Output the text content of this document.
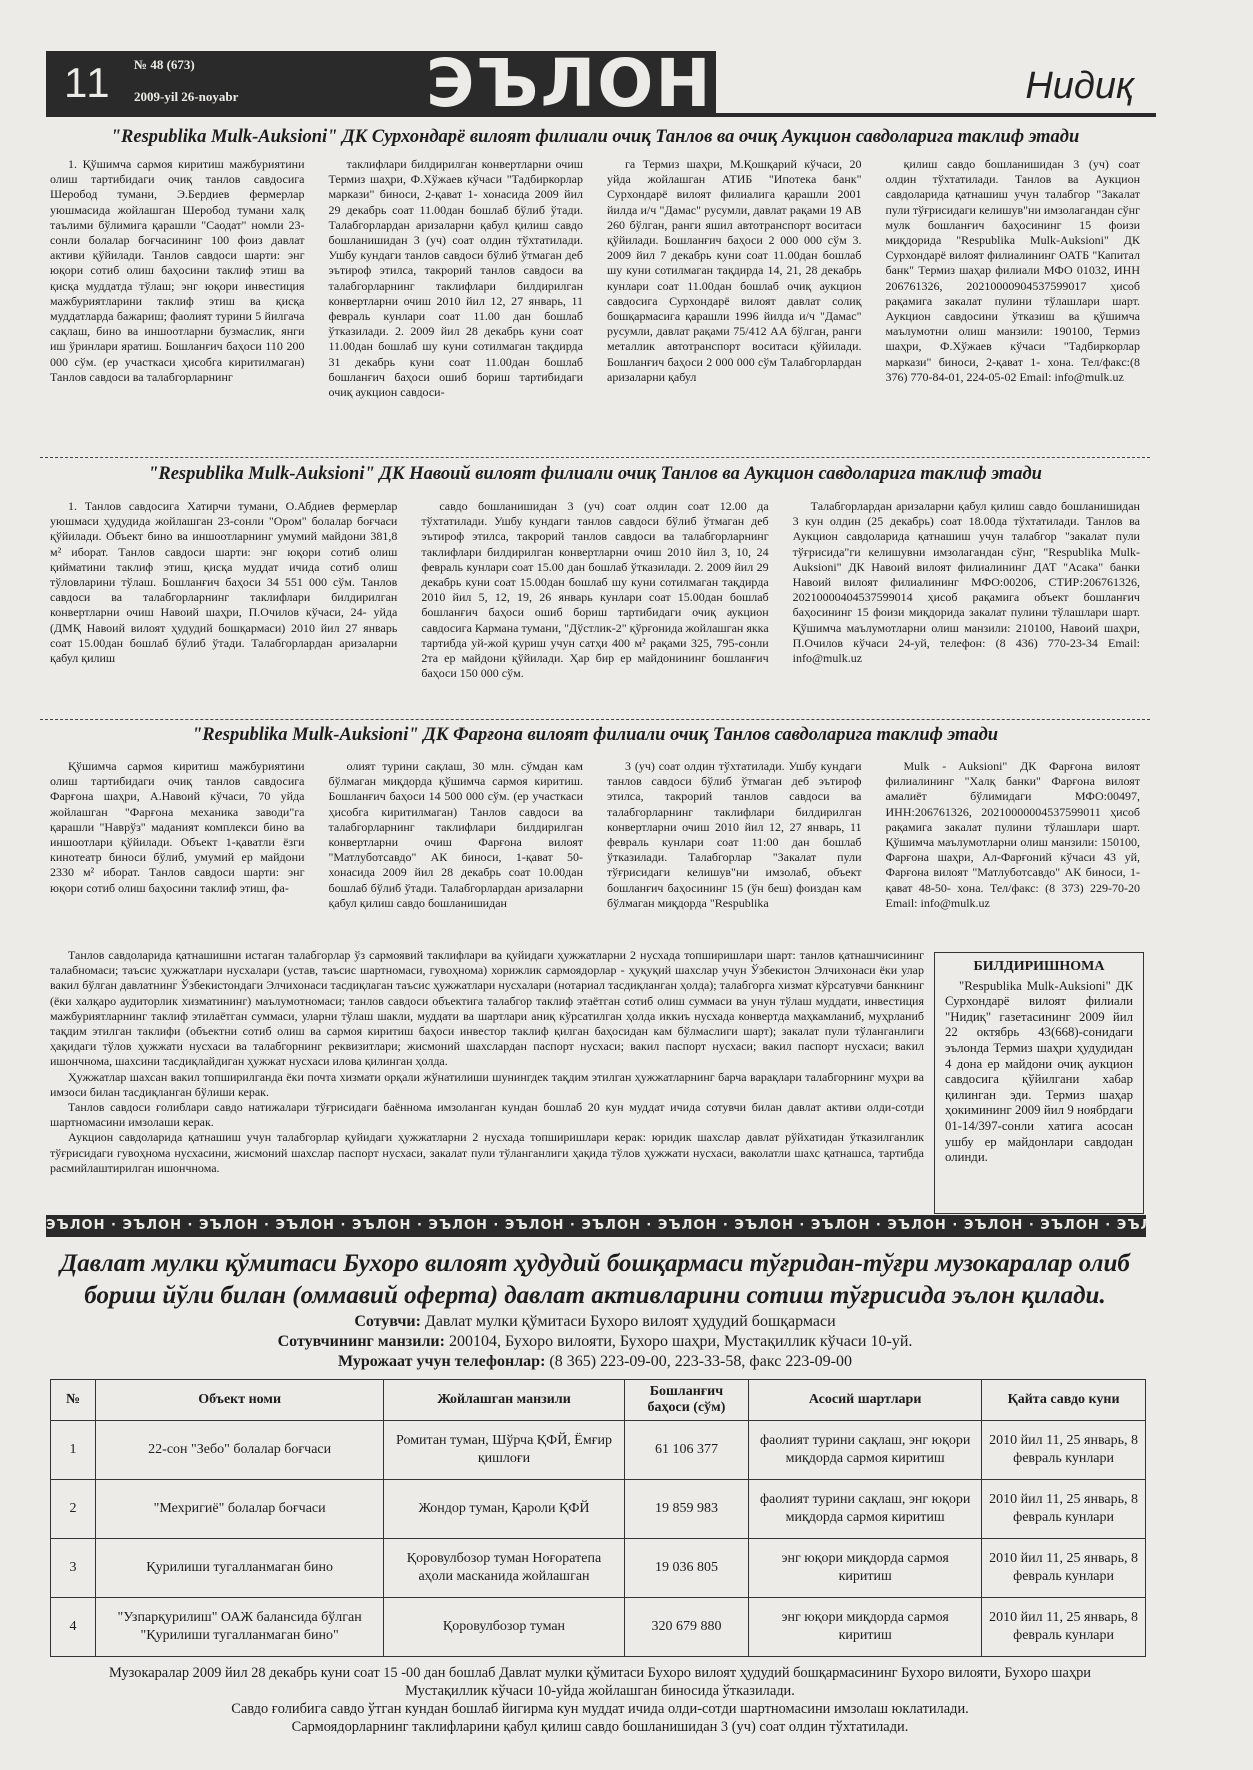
11 № 48 (673)
2009-yil 26-noyabr	ЭЪЛОН	Нидиқ
"Respublika Mulk-Auksioni" ДК Сурхондарё вилоят филиали очиқ Танлов ва очиқ Аукцион савдоларига таклиф этади

1. Қўшимча сармоя киритиш мажбуриятини олиш тартибидаги очиқ танлов савдосига Шеробод тумани, Э.Бердиев фермерлар уюшмасида жойлашган Шеробод тумани халқ таълими бўлимига қарашли "Саодат" номли 23-сонли болалар боғчасининг 100 фоиз давлат активи қўйилади. Танлов савдоси шарти: энг юқори сотиб олиш баҳосини таклиф этиш ва қисқа муддатда тўлаш; энг юқори инвестиция мажбуриятларини таклиф этиш ва қисқа муддатларда бажариш; фаолият турини 5 йилгача сақлаш, бино ва иншоотларни бузмаслик, янги иш ўринлари яратиш. Бошланғич баҳоси 110 200 000 сўм. (ер участкаси ҳисобга киритилмаган) Танлов савдоси ва талабгорларнинг

таклифлари билдирилган конвертларни очиш Термиз шаҳри, Ф.Хўжаев кўчаси "Тадбиркорлар маркази" биноси, 2-қават 1- хонасида 2009 йил 29 декабрь соат 11.00дан бошлаб бўлиб ўтади. Талабгорлардан аризаларни қабул қилиш савдо бошланишидан 3 (уч) соат олдин тўхтатилади. Ушбу кундаги танлов савдоси бўлиб ўтмаган деб эътироф этилса, такрорий танлов савдоси ва талабгорларнинг таклифлари билдирилган конвертларни очиш 2010 йил 12, 27 январь, 11 февраль кунлари соат 11.00 дан бошлаб ўтказилади. 2. 2009 йил 28 декабрь куни соат 11.00дан бошлаб шу куни сотилмаган тақдирда 31 декабрь куни соат 11.00дан бошлаб бошланғич баҳоси ошиб бориш тартибидаги очиқ аукцион савдоси-

га Термиз шаҳри, М.Қошқарий кўчаси, 20 уйда жойлашган АТИБ "Ипотека банк" Сурхондарё вилоят филиалига қарашли 2001 йилда и/ч "Дамас" русумли, давлат рақами 19 АВ 260 бўлган, ранги яшил автотранспорт воситаси қўйилади. Бошланғич баҳоси 2 000 000 сўм 3. 2009 йил 7 декабрь куни соат 11.00дан бошлаб шу куни сотилмаган тақдирда 14, 21, 28 декабрь кунлари соат 11.00дан бошлаб очиқ аукцион савдосига Сурхондарё вилоят давлат солиқ бошқармасига қарашли 1996 йилда и/ч "Дамас" русумли, давлат рақами 75/412 АА бўлган, ранги металлик автотранспорт воситаси қўйилади. Бошланғич баҳоси 2 000 000 сўм Талабгорлардан аризаларни қабул

қилиш савдо бошланишидан 3 (уч) соат олдин тўхтатилади. Танлов ва Аукцион савдоларида қатнашиш учун талабгор "Закалат пули тўғрисидаги келишув"ни имзолагандан сўнг мулк бошланғич баҳосининг 15 фоизи миқдорида "Respublika Mulk-Auksioni" ДК Сурхондарё вилоят филиалининг ОАТБ "Капитал банк" Термиз шаҳар филиали МФО 01032, ИНН 206761326, 20210000904537599017 ҳисоб рақамига закалат пулини тўлашлари шарт. Аукцион савдосини ўтказиш ва қўшимча маълумотни олиш манзили: 190100, Термиз шаҳри, Ф.Хўжаев кўчаси "Тадбиркорлар маркази" биноси, 2-қават 1- хона. Тел/факс:(8 376) 770-84-01, 224-05-02 Email: info@mulk.uz

"Respublika Mulk-Auksioni" ДК Навоий вилоят филиали очиқ Танлов ва Аукцион савдоларига таклиф этади

1. Танлов савдосига Хатирчи тумани, О.Абдиев фермерлар уюшмаси ҳудудида жойлашган 23-сонли "Ором" болалар боғчаси қўйилади. Объект бино ва иншоотларнинг умумий майдони 381,8 м² иборат. Танлов савдоси шарти: энг юқори сотиб олиш қийматини таклиф этиш, қисқа муддат ичида сотиб олиш тўловларини тўлаш. Бошланғич баҳоси 34 551 000 сўм. Танлов савдоси ва талабгорларнинг таклифлари билдирилган конвертларни очиш Навоий шаҳри, П.Очилов кўчаси, 24- уйда (ДМҚ Навоий вилоят ҳудудий бошқармаси) 2010 йил 27 январь соат 15.00дан бошлаб бўлиб ўтади. Талабгорлардан аризаларни қабул қилиш

савдо бошланишидан 3 (уч) соат олдин соат 12.00 да тўхтатилади. Ушбу кундаги танлов савдоси бўлиб ўтмаган деб эътироф этилса, такрорий танлов савдоси ва талабгорларнинг таклифлари билдирилган конвертларни очиш 2010 йил 3, 10, 24 февраль кунлари соат 15.00 дан бошлаб ўтказилади. 2. 2009 йил 29 декабрь куни соат 15.00дан бошлаб шу куни сотилмаган тақдирда 2010 йил 5, 12, 19, 26 январь кунлари соат 15.00дан бошлаб бошланғич баҳоси ошиб бориш тартибидаги очиқ аукцион савдосига Кармана тумани, "Дўстлик-2" қўрғонида жойлашган якка тартибда уй-жой қуриш учун сатҳи 400 м² рақами 325, 795-сонли 2та ер майдони қўйилади. Ҳар бир ер майдонининг бошланғич баҳоси 150 000 сўм.

Талабгорлардан аризаларни қабул қилиш савдо бошланишидан 3 кун олдин (25 декабрь) соат 18.00да тўхтатилади. Танлов ва Аукцион савдоларида қатнашиш учун талабгор "закалат пули тўғрисида"ги келишувни имзолагандан сўнг, "Respublika Mulk-Auksioni" ДК Навоий вилоят филиалининг ДАТ "Асака" банки Навоий вилоят филиалининг МФО:00206, СТИР:206761326, 20210000404537599014 ҳисоб рақамига объект бошланғич баҳосининг 15 фоизи миқдорида закалат пулини тўлашлари шарт. Қўшимча маълумотларни олиш манзили: 210100, Навоий шаҳри, П.Очилов кўчаси 24-уй, телефон: (8 436) 770-23-34 Email: info@mulk.uz

"Respublika Mulk-Auksioni" ДК Фарғона вилоят филиали очиқ Танлов савдоларига таклиф этади

Қўшимча сармоя киритиш мажбуриятини олиш тартибидаги очиқ танлов савдосига Фарғона шаҳри, А.Навоий кўчаси, 70 уйда жойлашган "Фарғона механика заводи"га қарашли "Наврўз" маданият комплекси бино ва иншоотлари қўйилади. Объект 1-қаватли ёзги кинотеатр биноси бўлиб, умумий ер майдони 2330 м² иборат. Танлов савдоси шарти: энг юқори сотиб олиш баҳосини таклиф этиш, фа-

олият турини сақлаш, 30 млн. сўмдан кам бўлмаган миқдорда қўшимча сармоя киритиш. Бошланғич баҳоси 14 500 000 сўм. (ер участкаси ҳисобга киритилмаган) Танлов савдоси ва талабгорларнинг таклифлари билдирилган конвертларни очиш Фарғона вилоят "Матлуботсавдо" АК биноси, 1-қават 50-хонасида 2009 йил 28 декабрь соат 10.00дан бошлаб бўлиб ўтади. Талабгорлардан аризаларни қабул қилиш савдо бошланишидан

3 (уч) соат олдин тўхтатилади. Ушбу кундаги танлов савдоси бўлиб ўтмаган деб эътироф этилса, такрорий танлов савдоси ва талабгорларнинг таклифлари билдирилган конвертларни очиш 2010 йил 12, 27 январь, 11 февраль кунлари соат 11:00 дан бошлаб ўтказилади. Талабгорлар "Закалат пули тўғрисидаги келишув"ни имзолаб, объект бошланғич баҳосининг 15 (ўн беш) фоиздан кам бўлмаган миқдорда "Respublika

Mulk - Auksioni" ДК Фарғона вилоят филиалининг "Халқ банки" Фарғона вилоят амалиёт бўлимидаги МФО:00497, ИНН:206761326, 20210000004537599011 ҳисоб рақамига закалат пулини тўлашлари шарт. Қўшимча маълумотларни олиш манзили: 150100, Фарғона шаҳри, Ал-Фарғоний кўчаси 43 уй, Фарғона вилоят "Матлуботсавдо" АК биноси, 1-қават 48-50- хона. Тел/факс: (8 373) 229-70-20 Email: info@mulk.uz

Танлов савдоларида қатнашишни истаган талабгорлар ўз сармоявий таклифлари ва қуйидаги ҳужжатларни 2 нусхада топширишлари шарт: танлов қатнашчисининг талабномаси; таъсис ҳужжатлари нусхалари (устав, таъсис шартномаси, гувоҳнома) хорижлик сармоядорлар - ҳуқуқий шахслар учун Ўзбекистон Элчихонаси ёки улар вакил бўлган давлатнинг Ўзбекистондаги Элчихонаси тасдиқлаган таъсис ҳужжатлари нусхалари (нотариал тасдиқланган ҳолда); талабгорга хизмат кўрсатувчи банкнинг (ёки халқаро аудиторлик хизматининг) маълумотномаси; танлов савдоси объектига талабгор таклиф этаётган сотиб олиш суммаси ва унун тўлаш муддати, инвестиция мажбуриятларнинг таклиф этилаётган суммаси, уларни тўлаш шакли, муддати ва шартлари аниқ кўрсатилган ҳолда иккиъ нусхада конвертда маҳкамланиб, муҳрланиб тақдим этилган таклифи (объектни сотиб олиш ва сармоя киритиш баҳоси инвестор таклиф қилган баҳосидан кам бўлмаслиги шарт); закалат пули тўланганлиги ҳақидаги тўлов ҳужжати нусхаси ва талабгорнинг реквизитлари; жисмоний шахслардан паспорт нусхаси; вакил паспорт нусхаси; вакил паспорт нусхаси; вакил ишончнома, шахсини тасдиқлайдиган ҳужжат нусхаси илова қилинган ҳолда.

Ҳужжатлар шахсан вакил топширилганда ёки почта хизмати орқали жўнатилиши шунингдек тақдим этилган ҳужжатларнинг барча варақлари талабгорнинг муҳри ва имзоси билан тасдиқланган бўлиши керак.

Танлов савдоси ғолиблари савдо натижалари тўғрисидаги баённома имзоланган кундан бошлаб 20 кун муддат ичида сотувчи билан давлат активи олди-сотди шартномасини имзолаши керак.

Аукцион савдоларида қатнашиш учун талабгорлар қуйидаги ҳужжатларни 2 нусхада топширишлари керак: юридик шахслар давлат рўйхатидан ўтказилганлик тўғрисидаги гувоҳнома нусхасини, жисмоний шахслар паспорт нусхаси, закалат пули тўланганлиги ҳақида тўлов ҳужжати нусхаси, ваколатли шахс қатнашса, тартибда расмийлаштирилган ишончнома.

БИЛДИРИШНОМА
"Respublika Mulk-Auksioni" ДК Сурхондарё вилоят филиали "Нидиқ" газетасининг 2009 йил 22 октябрь 43(668)-сонидаги эълонда Термиз шаҳри ҳудудидан 4 дона ер майдони очиқ аукцион савдосига қўйилгани хабар қилинган эди. Термиз шаҳар ҳокимининг 2009 йил 9 ноябрдаги 01-14/397-сонли хатига асосан ушбу ер майдонлари савдодан олинди.
ЭЪЛОН · ЭЪЛОН · ЭЪЛОН · ЭЪЛОН · ЭЪЛОН · ЭЪЛОН · ЭЪЛОН · ЭЪЛОН · ЭЪЛОН · ЭЪЛОН · ЭЪЛОН · ЭЪЛОН · ЭЪЛОН · ЭЪЛОН · ЭЪЛОН · ЭЪЛОН
Давлат мулки қўмитаси Бухоро вилоят ҳудудий бошқармаси тўғридан-тўғри музокаралар олиб бориш йўли билан (оммавий оферта) давлат активларини сотиш тўғрисида эълон қилади.
Сотувчи: Давлат мулки қўмитаси Бухоро вилоят ҳудудий бошқармаси
Сотувчининг манзили: 200104, Бухоро вилояти, Бухоро шаҳри, Мустақиллик кўчаси 10-уй.
Мурожаат учун телефонлар: (8 365) 223-09-00, 223-33-58, факс 223-09-00
№	Объект номи	Жойлашган манзили	Бошланғич баҳоси (сўм)	Асосий шартлари	Қайта савдо куни
1	22-сон "Зебо" болалар боғчаси	Ромитан туман, Шўрча ҚФЙ, Ёмғир қишлоғи	61 106 377	фаолият турини сақлаш, энг юқори миқдорда сармоя киритиш	2010 йил 11, 25 январь, 8 февраль кунлари
2	"Мехригиё" болалар боғчаси	Жондор туман, Қароли ҚФЙ	19 859 983	фаолият турини сақлаш, энг юқори миқдорда сармоя киритиш	2010 йил 11, 25 январь, 8 февраль кунлари
3	Қурилиши тугалланмаган бино	Қоровулбозор туман Ноғоратепа аҳоли масканида жойлашган	19 036 805	энг юқори миқдорда сармоя киритиш	2010 йил 11, 25 январь, 8 февраль кунлари
4	"Узпарқурилиш" ОАЖ балансида бўлган "Қурилиши тугалланмаган бино"	Қоровулбозор туман	320 679 880	энг юқори миқдорда сармоя киритиш	2010 йил 11, 25 январь, 8 февраль кунлари

Музокаралар 2009 йил 28 декабрь куни соат 15 -00 дан бошлаб Давлат мулки қўмитаси Бухоро вилоят ҳудудий бошқармасининг Бухоро вилояти, Бухоро шаҳри Мустақиллик кўчаси 10-уйда жойлашган биносида ўтказилади.

Савдо ғолибига савдо ўтган кундан бошлаб йигирма кун муддат ичида олди-сотди шартномасини имзолаш юклатилади.

Сармоядорларнинг таклифларини қабул қилиш савдо бошланишидан 3 (уч) соат олдин тўхтатилади.
